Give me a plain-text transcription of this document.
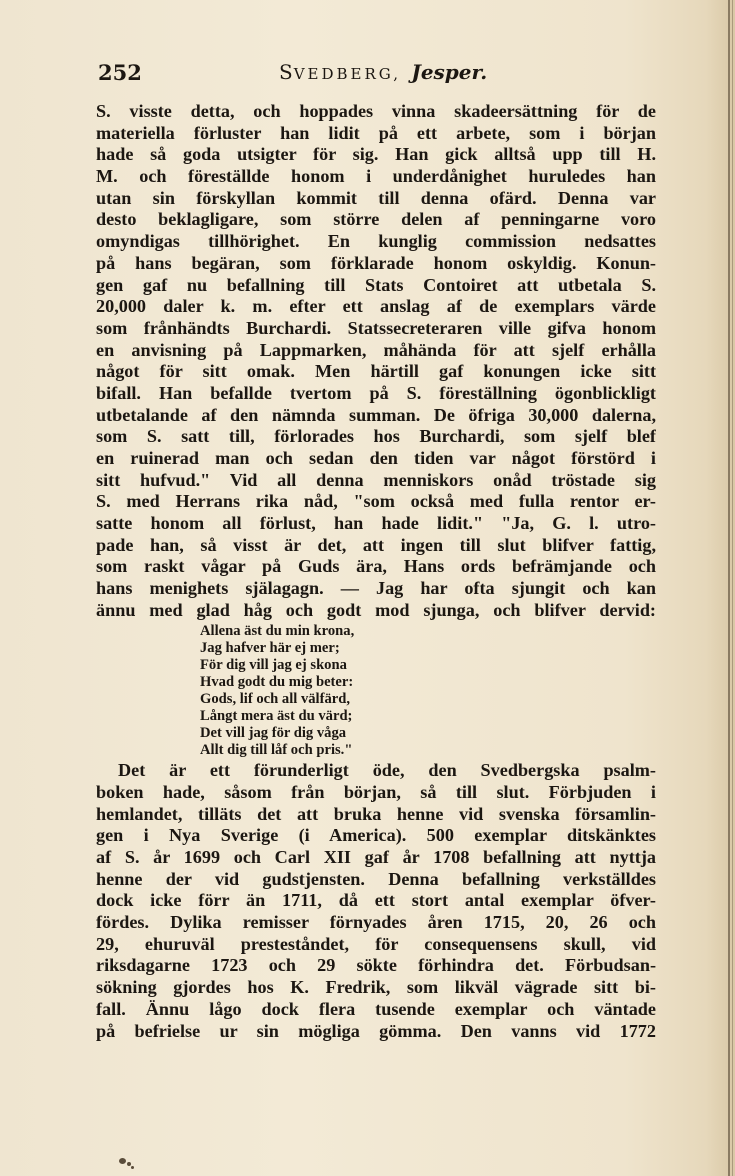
252	SVEDBERG, Jesper.
S. visste detta, och hoppades vinna skadeersättning för de
materiella förluster han lidit på ett arbete, som i början
hade så goda utsigter för sig. Han gick alltså upp till H.
M. och föreställde honom i underdånighet huruledes han
utan sin förskyllan kommit till denna ofärd. Denna var
desto beklagligare, som större delen af penningarne voro
omyndigas tillhörighet. En kunglig commission nedsattes
på hans begäran, som förklarade honom oskyldig. Konun-
gen gaf nu befallning till Stats Contoiret att utbetala S.
20,000 daler k. m. efter ett anslag af de exemplars värde
som frånhändts Burchardi. Statssecreteraren ville gifva honom
en anvisning på Lappmarken, måhända för att sjelf erhålla
något för sitt omak. Men härtill gaf konungen icke sitt
bifall. Han befallde tvertom på S. föreställning ögonblickligt
utbetalande af den nämnda summan. De öfriga 30,000 dalerna,
som S. satt till, förlorades hos Burchardi, som sjelf blef
en ruinerad man och sedan den tiden var något förstörd i
sitt hufvud." Vid all denna menniskors onåd tröstade sig
S. med Herrans rika nåd, "som också med fulla rentor er-
satte honom all förlust, han hade lidit." "Ja, G. l. utro-
pade han, så visst är det, att ingen till slut blifver fattig,
som raskt vågar på Guds ära, Hans ords befrämjande och
hans menighets själagagn. — Jag har ofta sjungit och kan
ännu med glad håg och godt mod sjunga, och blifver dervid:
Allena äst du min krona,
Jag hafver här ej mer;
För dig vill jag ej skona
Hvad godt du mig beter:
Gods, lif och all välfärd,
Långt mera äst du värd;
Det vill jag för dig våga
Allt dig till låf och pris."
Det är ett förunderligt öde, den Svedbergska psalm-
boken hade, såsom från början, så till slut. Förbjuden i
hemlandet, tilläts det att bruka henne vid svenska församlin-
gen i Nya Sverige (i America). 500 exemplar ditskänktes
af S. år 1699 och Carl XII gaf år 1708 befallning att nyttja
henne der vid gudstjensten. Denna befallning verkställdes
dock icke förr än 1711, då ett stort antal exemplar öfver-
fördes. Dylika remisser förnyades åren 1715, 20, 26 och
29, ehuruväl presteståndet, för consequensens skull, vid
riksdagarne 1723 och 29 sökte förhindra det. Förbudsan-
sökning gjordes hos K. Fredrik, som likväl vägrade sitt bi-
fall. Ännu lågo dock flera tusende exemplar och väntade
på befrielse ur sin mögliga gömma. Den vanns vid 1772
